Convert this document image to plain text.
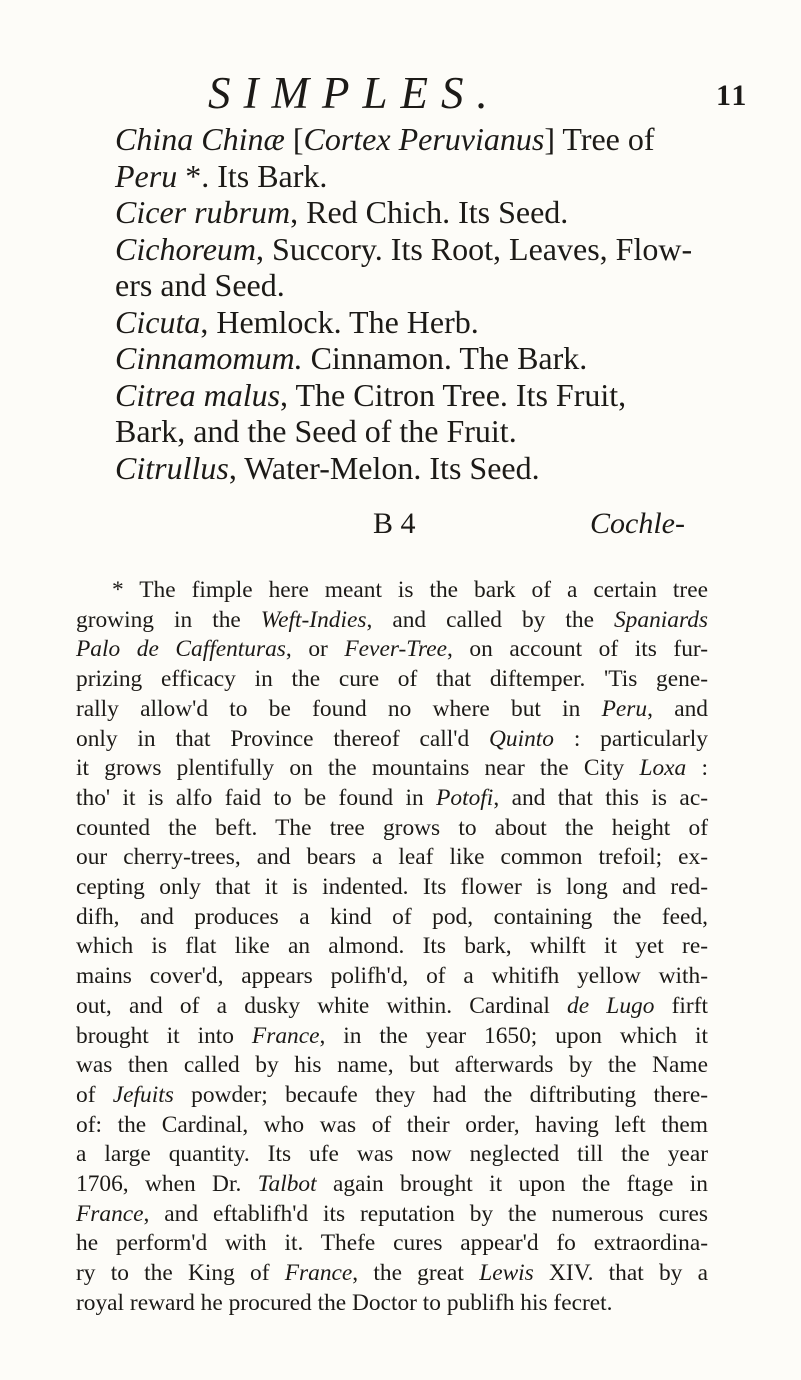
SIMPLES.	11
China Chinæ [Cortex Peruvianus] Tree of
Peru *. Its Bark.
Cicer rubrum, Red Chich. Its Seed.
Cichoreum, Succory. Its Root, Leaves, Flow-
ers and Seed.
Cicuta, Hemlock. The Herb.
Cinnamomum. Cinnamon. The Bark.
Citrea malus, The Citron Tree. Its Fruit,
Bark, and the Seed of the Fruit.
Citrullus, Water-Melon. Its Seed.
B 4	Cochle-
* The fimple here meant is the bark of a certain tree
growing in the Weft-Indies, and called by the Spaniards
Palo de Caffenturas, or Fever-Tree, on account of its fur-
prizing efficacy in the cure of that diftemper. 'Tis gene-
rally allow'd to be found no where but in Peru, and
only in that Province thereof call'd Quinto : particularly
it grows plentifully on the mountains near the City Loxa :
tho' it is alfo faid to be found in Potofi, and that this is ac-
counted the beft. The tree grows to about the height of
our cherry-trees, and bears a leaf like common trefoil; ex-
cepting only that it is indented. Its flower is long and red-
difh, and produces a kind of pod, containing the feed,
which is flat like an almond. Its bark, whilft it yet re-
mains cover'd, appears polifh'd, of a whitifh yellow with-
out, and of a dusky white within. Cardinal de Lugo firft
brought it into France, in the year 1650; upon which it
was then called by his name, but afterwards by the Name
of Jefuits powder; becaufe they had the diftributing there-
of: the Cardinal, who was of their order, having left them
a large quantity. Its ufe was now neglected till the year
1706, when Dr. Talbot again brought it upon the ftage in
France, and eftablifh'd its reputation by the numerous cures
he perform'd with it. Thefe cures appear'd fo extraordina-
ry to the King of France, the great Lewis XIV. that by a
royal reward he procured the Doctor to publifh his fecret.
